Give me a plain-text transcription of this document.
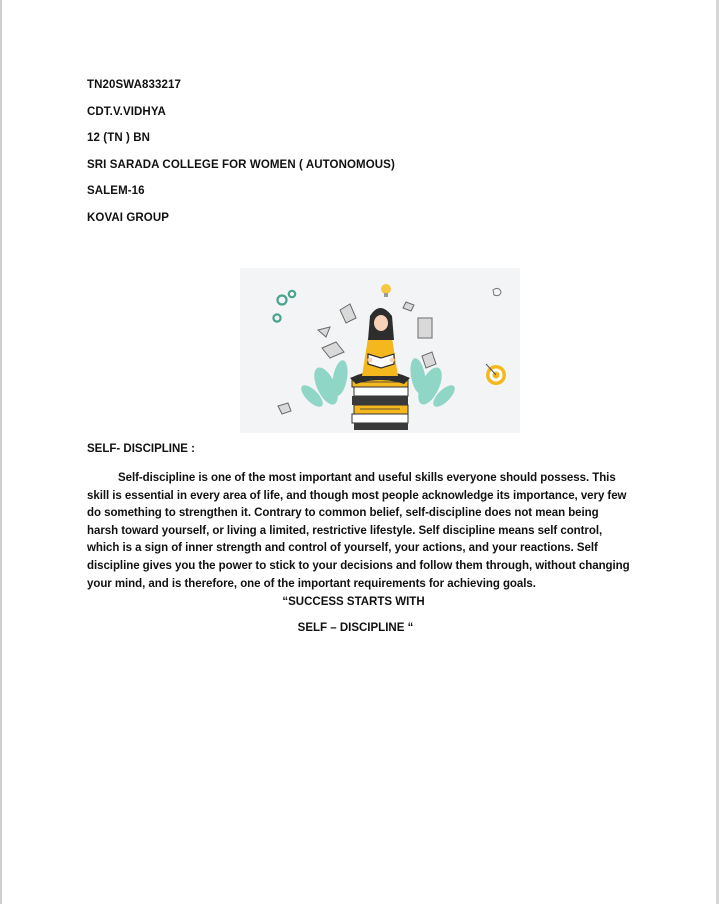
TN20SWA833217

CDT.V.VIDHYA

12 (TN ) BN

SRI SARADA COLLEGE FOR WOMEN ( AUTONOMOUS)

SALEM-16

KOVAI GROUP

SELF- DISCIPLINE :

Self-discipline is one of the most important and useful skills everyone should possess. This skill is essential in every area of life, and though most people acknowledge its importance, very few do something to strengthen it. Contrary to common belief, self-discipline does not mean being harsh toward yourself, or living a limited, restrictive lifestyle. Self discipline means self control, which is a sign of inner strength and control of yourself, your actions, and your reactions. Self discipline gives you the power to stick to your decisions and follow them through, without changing your mind, and is therefore, one of the important requirements for achieving goals.

“SUCCESS STARTS WITH

SELF – DISCIPLINE “
